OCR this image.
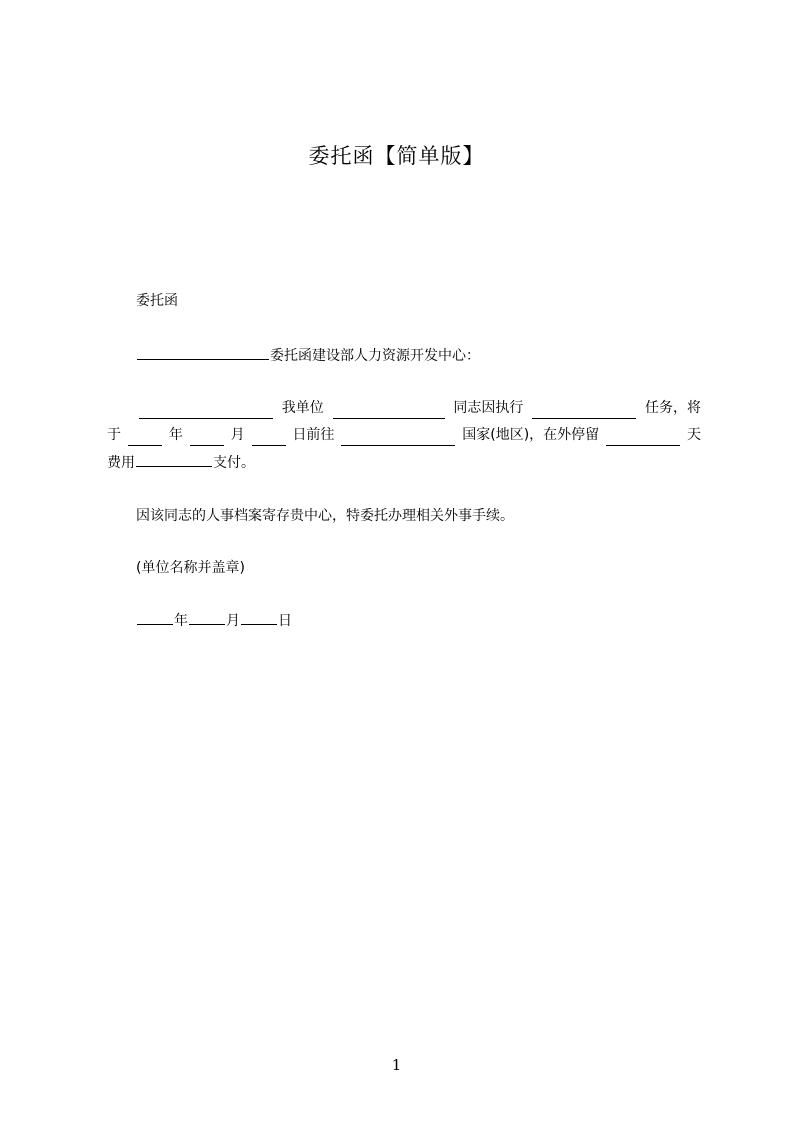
委托函【简单版】
委托函
委托函建设部人力资源开发中心：
我单位	同志因执行	任务，将
于	年	月	日前往	国家(地区)，在外停留	天
费用	支付。
因该同志的人事档案寄存贵中心，特委托办理相关外事手续。
(单位名称并盖章)
年	月	日
1
